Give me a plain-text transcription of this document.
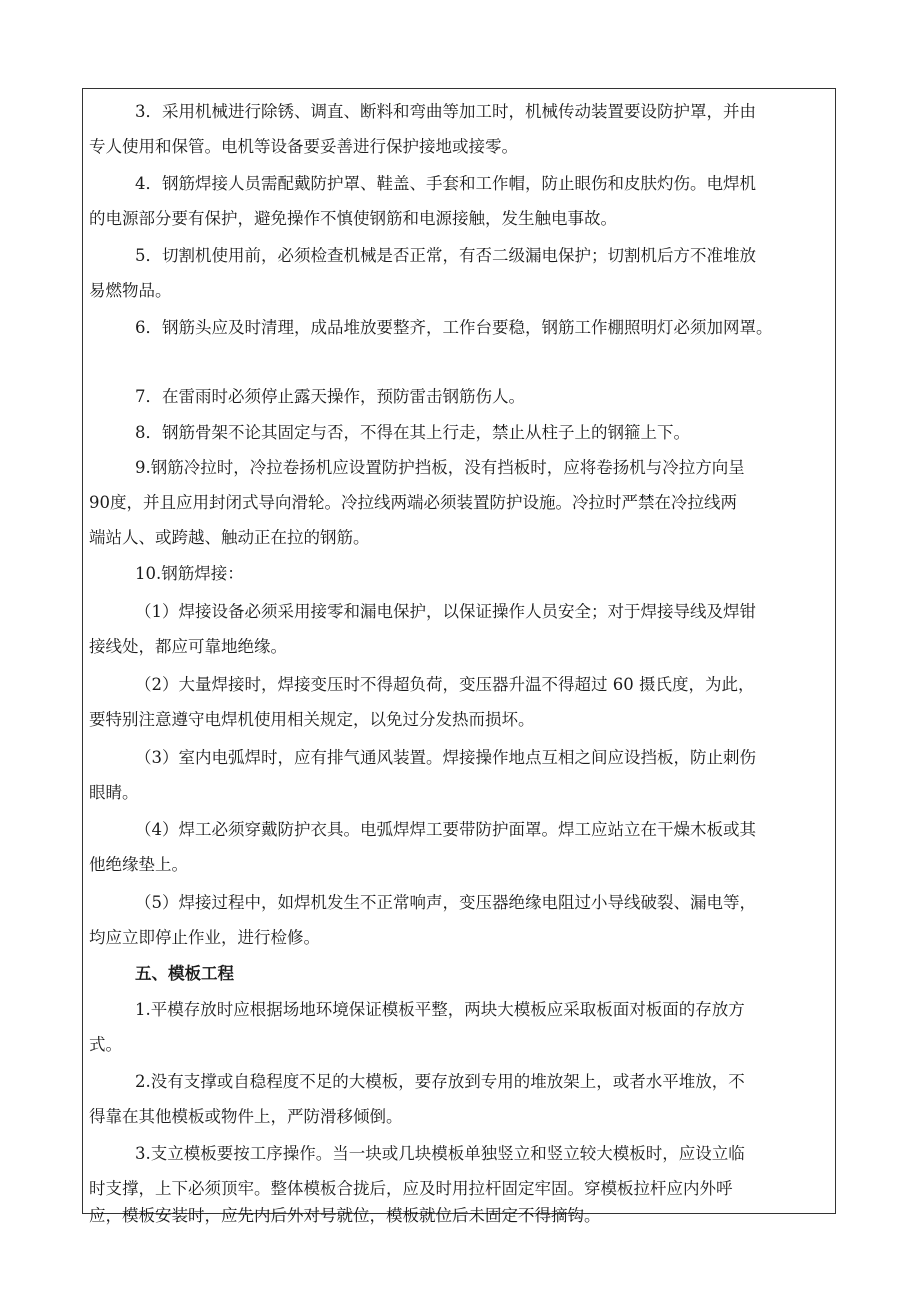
3．采用机械进行除锈、调直、断料和弯曲等加工时，机械传动装置要设防护罩，并由
专人使用和保管。电机等设备要妥善进行保护接地或接零。
4．钢筋焊接人员需配戴防护罩、鞋盖、手套和工作帽，防止眼伤和皮肤灼伤。电焊机
的电源部分要有保护，避免操作不慎使钢筋和电源接触，发生触电事故。
5．切割机使用前，必须检查机械是否正常，有否二级漏电保护；切割机后方不准堆放
易燃物品。
6．钢筋头应及时清理，成品堆放要整齐，工作台要稳，钢筋工作棚照明灯必须加网罩。
7．在雷雨时必须停止露天操作，预防雷击钢筋伤人。
8．钢筋骨架不论其固定与否，不得在其上行走，禁止从柱子上的钢箍上下。
9.钢筋冷拉时，冷拉卷扬机应设置防护挡板，没有挡板时，应将卷扬机与冷拉方向呈
90度，并且应用封闭式导向滑轮。冷拉线两端必须装置防护设施。冷拉时严禁在冷拉线两
端站人、或跨越、触动正在拉的钢筋。
10.钢筋焊接：
（1）焊接设备必须采用接零和漏电保护，以保证操作人员安全；对于焊接导线及焊钳
接线处，都应可靠地绝缘。
（2）大量焊接时，焊接变压时不得超负荷，变压器升温不得超过 60 摄氏度，为此，
要特别注意遵守电焊机使用相关规定，以免过分发热而损坏。
（3）室内电弧焊时，应有排气通风装置。焊接操作地点互相之间应设挡板，防止刺伤
眼睛。
（4）焊工必须穿戴防护衣具。电弧焊焊工要带防护面罩。焊工应站立在干燥木板或其
他绝缘垫上。
（5）焊接过程中，如焊机发生不正常响声，变压器绝缘电阻过小导线破裂、漏电等，
均应立即停止作业，进行检修。
五、模板工程
1.平模存放时应根据场地环境保证模板平整，两块大模板应采取板面对板面的存放方
式。
2.没有支撑或自稳程度不足的大模板，要存放到专用的堆放架上，或者水平堆放，不
得靠在其他模板或物件上，严防滑移倾倒。
3.支立模板要按工序操作。当一块或几块模板单独竖立和竖立较大模板时，应设立临
时支撑，上下必须顶牢。整体模板合拢后，应及时用拉杆固定牢固。穿模板拉杆应内外呼
应，模板安装时，应先内后外对号就位，模板就位后未固定不得摘钩。
